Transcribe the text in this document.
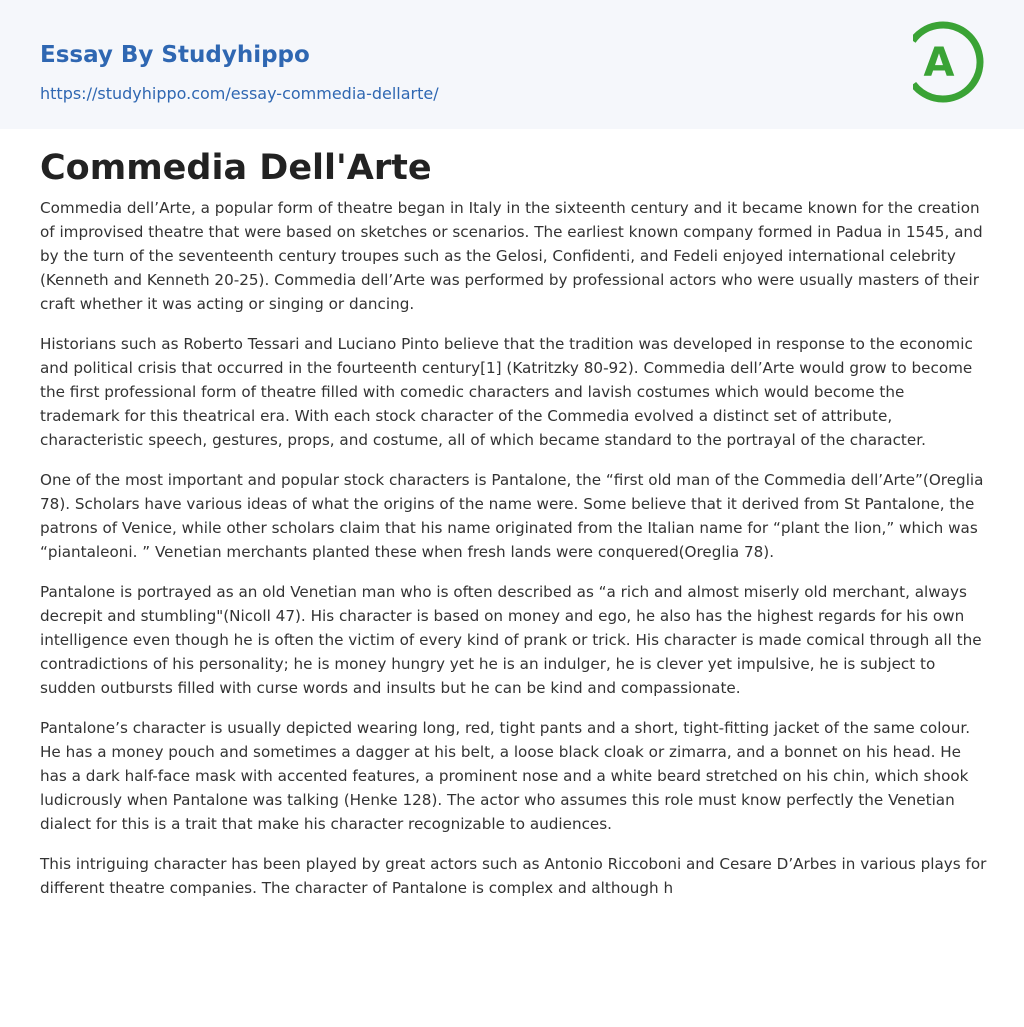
Essay By Studyhippo
https://studyhippo.com/essay-commedia-dellarte/
A
Commedia Dell'Arte

Commedia dell’Arte, a popular form of theatre began in Italy in the sixteenth century and it became known for the creation of improvised theatre that were based on sketches or scenarios. The earliest known company formed in Padua in 1545, and by the turn of the seventeenth century troupes such as the Gelosi, Confidenti, and Fedeli enjoyed international celebrity (Kenneth and Kenneth 20-25). Commedia dell’Arte was performed by professional actors who were usually masters of their craft whether it was acting or singing or dancing.

Historians such as Roberto Tessari and Luciano Pinto believe that the tradition was developed in response to the economic and political crisis that occurred in the fourteenth century[1] (Katritzky 80-92). Commedia dell’Arte would grow to become the first professional form of theatre filled with comedic characters and lavish costumes which would become the trademark for this theatrical era. With each stock character of the Commedia evolved a distinct set of attribute, characteristic speech, gestures, props, and costume, all of which became standard to the portrayal of the character.

One of the most important and popular stock characters is Pantalone, the “first old man of the Commedia dell’Arte”(Oreglia 78). Scholars have various ideas of what the origins of the name were. Some believe that it derived from St Pantalone, the patrons of Venice, while other scholars claim that his name originated from the Italian name for “plant the lion,” which was “piantaleoni. ” Venetian merchants planted these when fresh lands were conquered(Oreglia 78).

Pantalone is portrayed as an old Venetian man who is often described as “a rich and almost miserly old merchant, always decrepit and stumbling"(Nicoll 47). His character is based on money and ego, he also has the highest regards for his own intelligence even though he is often the victim of every kind of prank or trick. His character is made comical through all the contradictions of his personality; he is money hungry yet he is an indulger, he is clever yet impulsive, he is subject to sudden outbursts filled with curse words and insults but he can be kind and compassionate.

Pantalone’s character is usually depicted wearing long, red, tight pants and a short, tight-fitting jacket of the same colour. He has a money pouch and sometimes a dagger at his belt, a loose black cloak or zimarra, and a bonnet on his head. He has a dark half-face mask with accented features, a prominent nose and a white beard stretched on his chin, which shook ludicrously when Pantalone was talking (Henke 128). The actor who assumes this role must know perfectly the Venetian dialect for this is a trait that make his character recognizable to audiences.

This intriguing character has been played by great actors such as Antonio Riccoboni and Cesare D’Arbes in various plays for different theatre companies. The character of Pantalone is complex and although h
